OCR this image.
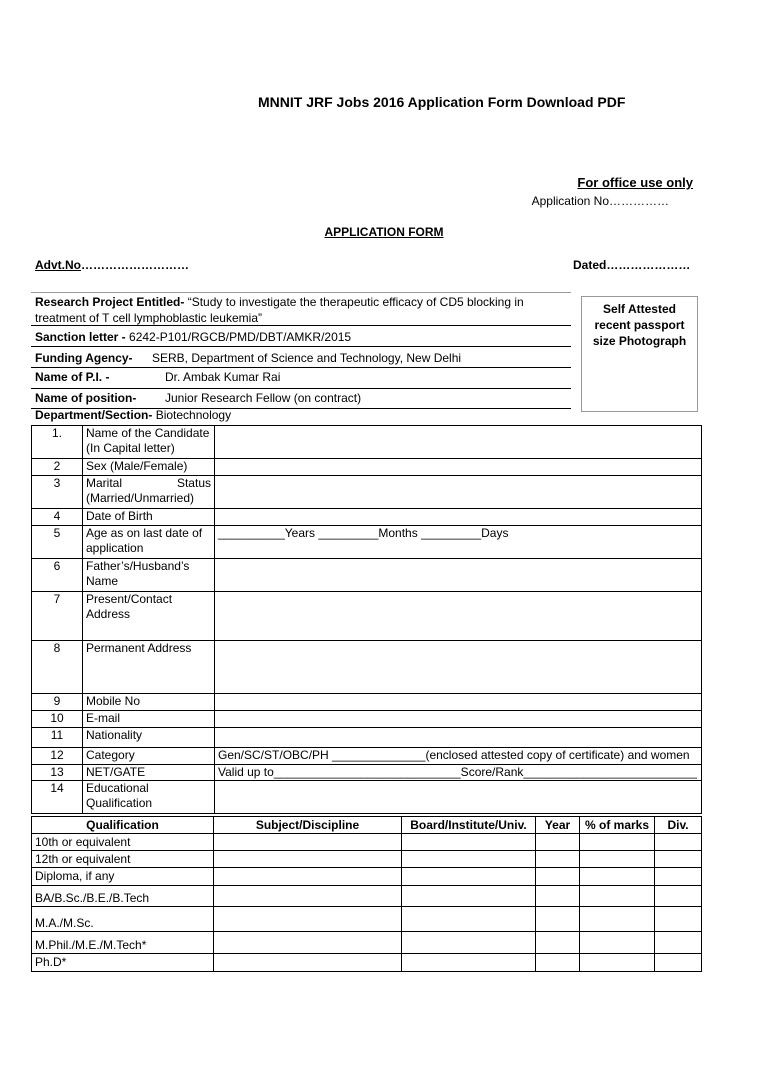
MNNIT JRF Jobs 2016 Application Form Download PDF
For office use only
Application No……………
APPLICATION FORM
Advt.No………………………	Dated…………………
Research Project Entitled- “Study to investigate the therapeutic efficacy of CD5 blocking in
treatment of T cell lymphoblastic leukemia”
Sanction letter - 6242-P101/RGCB/PMD/DBT/AMKR/2015
Funding Agency- SERB, Department of Science and Technology, New Delhi
Name of P.I. -	Dr. Ambak Kumar Rai
Name of position- Junior Research Fellow (on contract)
Department/Section- Biotechnology
Self Attested
recent passport
size Photograph
1.	Name of the Candidate
(In Capital letter)	
2	Sex (Male/Female)	
3	Marital Status
(Married/Unmarried)	
4	Date of Birth	
5	Age as on last date of
application	__________Years _________Months _________Days
6	Father’s/Husband’s
Name	
7	Present/Contact
Address	
8	Permanent Address	
9	Mobile No	
10	E-mail	
11	Nationality	
12	Category	Gen/SC/ST/OBC/PH ______________(enclosed attested copy of certificate) and women
13	NET/GATE	Valid up to____________________________Score/Rank__________________________
14	Educational
Qualification	
Qualification	Subject/Discipline	Board/Institute/Univ.	Year	% of marks	Div.
10th or equivalent					
12th or equivalent					
Diploma, if any					
BA/B.Sc./B.E./B.Tech					
M.A./M.Sc.					
M.Phil./M.E./M.Tech*					
Ph.D*					
